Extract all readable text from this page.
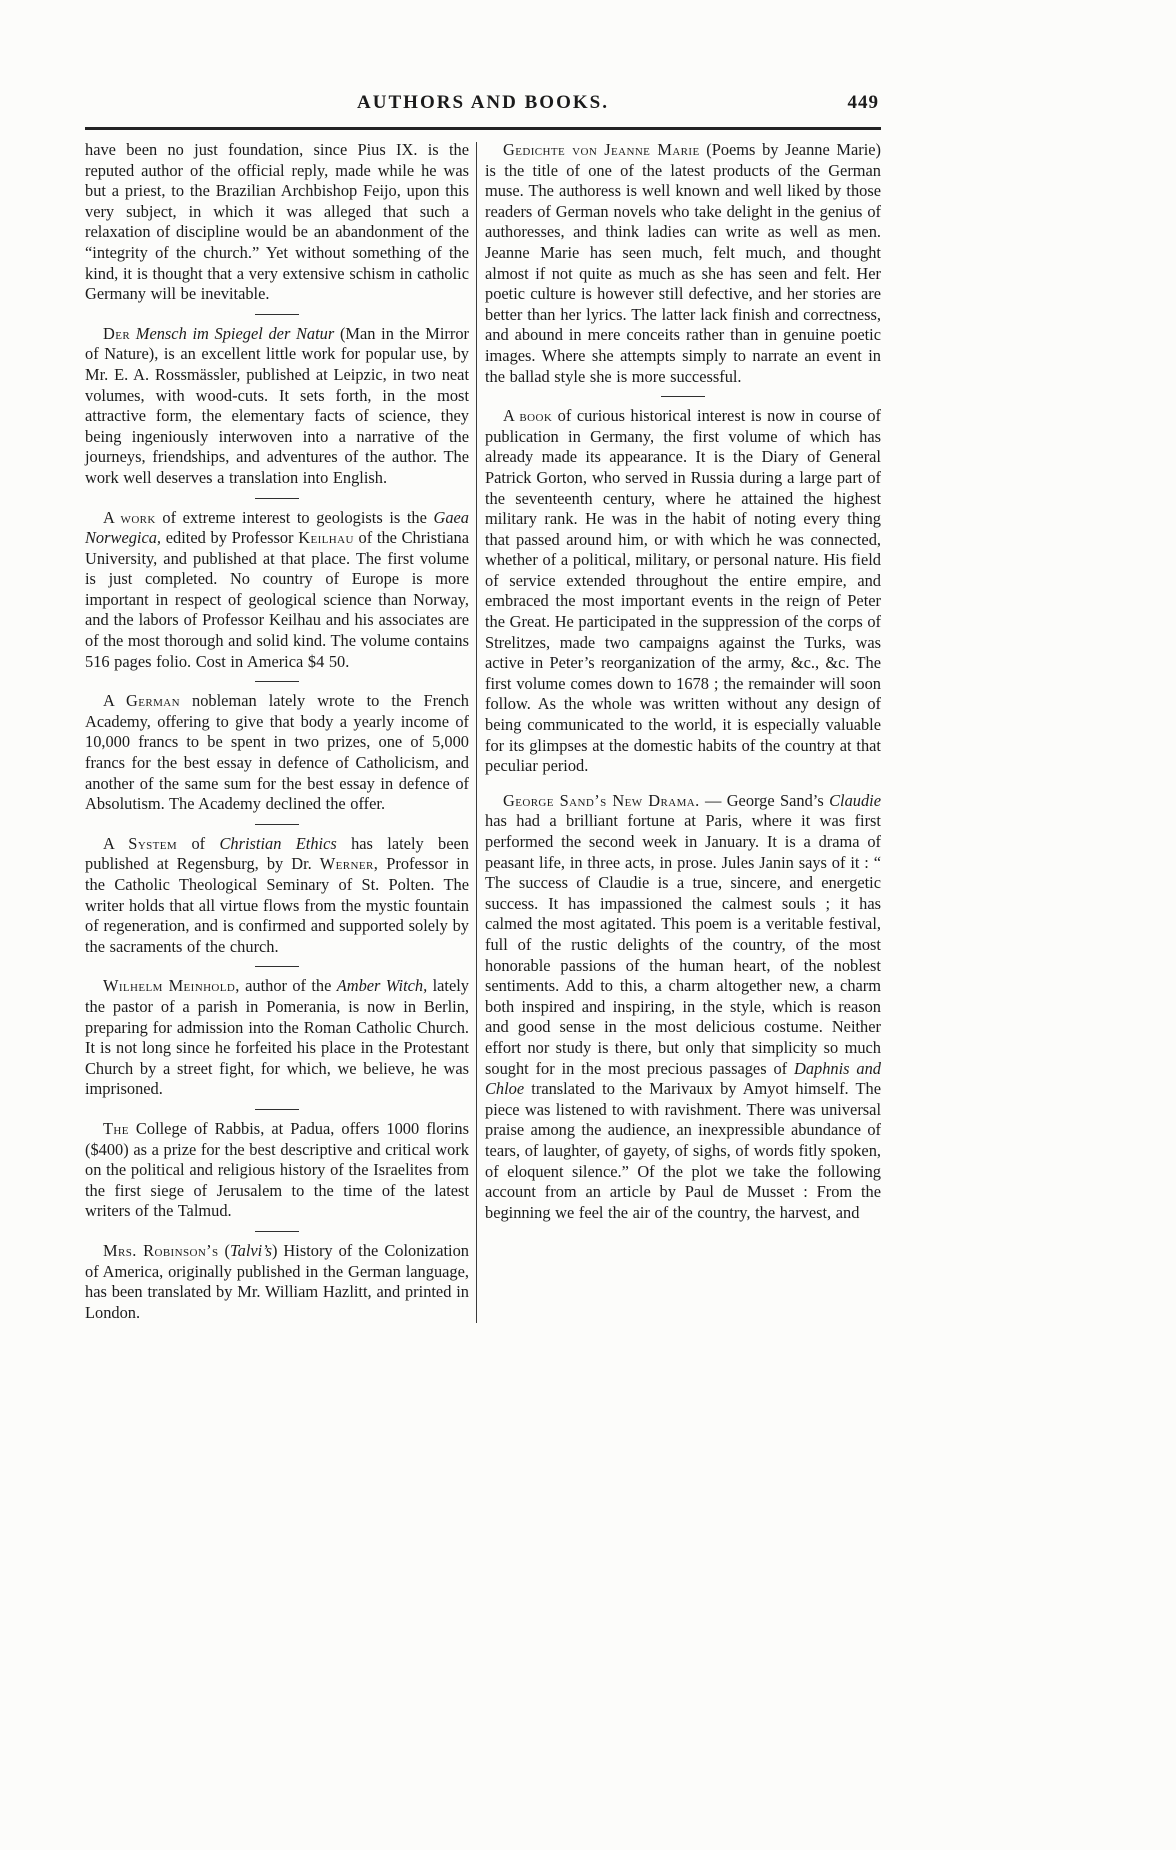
AUTHORS AND BOOKS.	449

have been no just foundation, since Pius IX. is the reputed author of the official reply, made while he was but a priest, to the Brazilian Archbishop Feijo, upon this very subject, in which it was alleged that such a relaxation of discipline would be an abandonment of the “integrity of the church.” Yet without something of the kind, it is thought that a very extensive schism in catholic Germany will be inevitable.

Der Mensch im Spiegel der Natur (Man in the Mirror of Nature), is an excellent little work for popular use, by Mr. E. A. Rossmässler, published at Leipzic, in two neat volumes, with wood-cuts. It sets forth, in the most attractive form, the elementary facts of science, they being ingeniously interwoven into a narrative of the journeys, friendships, and adventures of the author. The work well deserves a translation into English.

A work of extreme interest to geologists is the Gaea Norwegica, edited by Professor Keilhau of the Christiana University, and published at that place. The first volume is just completed. No country of Europe is more important in respect of geological science than Norway, and the labors of Professor Keilhau and his associates are of the most thorough and solid kind. The volume contains 516 pages folio. Cost in America $4 50.

A German nobleman lately wrote to the French Academy, offering to give that body a yearly income of 10,000 francs to be spent in two prizes, one of 5,000 francs for the best essay in defence of Catholicism, and another of the same sum for the best essay in defence of Absolutism. The Academy declined the offer.

A System of Christian Ethics has lately been published at Regensburg, by Dr. Werner, Professor in the Catholic Theological Seminary of St. Polten. The writer holds that all virtue flows from the mystic fountain of regeneration, and is confirmed and supported solely by the sacraments of the church.

Wilhelm Meinhold, author of the Amber Witch, lately the pastor of a parish in Pomerania, is now in Berlin, preparing for admission into the Roman Catholic Church. It is not long since he forfeited his place in the Protestant Church by a street fight, for which, we believe, he was imprisoned.

The College of Rabbis, at Padua, offers 1000 florins ($400) as a prize for the best descriptive and critical work on the political and religious history of the Israelites from the first siege of Jerusalem to the time of the latest writers of the Talmud.

Mrs. Robinson’s (Talvi’s) History of the Colonization of America, originally published in the German language, has been translated by Mr. William Hazlitt, and printed in London.

Gedichte von Jeanne Marie (Poems by Jeanne Marie) is the title of one of the latest products of the German muse. The authoress is well known and well liked by those readers of German novels who take delight in the genius of authoresses, and think ladies can write as well as men. Jeanne Marie has seen much, felt much, and thought almost if not quite as much as she has seen and felt. Her poetic culture is however still defective, and her stories are better than her lyrics. The latter lack finish and correctness, and abound in mere conceits rather than in genuine poetic images. Where she attempts simply to narrate an event in the ballad style she is more successful.

A book of curious historical interest is now in course of publication in Germany, the first volume of which has already made its appearance. It is the Diary of General Patrick Gorton, who served in Russia during a large part of the seventeenth century, where he attained the highest military rank. He was in the habit of noting every thing that passed around him, or with which he was connected, whether of a political, military, or personal nature. His field of service extended throughout the entire empire, and embraced the most important events in the reign of Peter the Great. He participated in the suppression of the corps of Strelitzes, made two campaigns against the Turks, was active in Peter’s reorganization of the army, &c., &c. The first volume comes down to 1678 ; the remainder will soon follow. As the whole was written without any design of being communicated to the world, it is especially valuable for its glimpses at the domestic habits of the country at that peculiar period.

George Sand’s New Drama. — George Sand’s Claudie has had a brilliant fortune at Paris, where it was first performed the second week in January. It is a drama of peasant life, in three acts, in prose. Jules Janin says of it : “ The success of Claudie is a true, sincere, and energetic success. It has impassioned the calmest souls ; it has calmed the most agitated. This poem is a veritable festival, full of the rustic delights of the country, of the most honorable passions of the human heart, of the noblest sentiments. Add to this, a charm altogether new, a charm both inspired and inspiring, in the style, which is reason and good sense in the most delicious costume. Neither effort nor study is there, but only that simplicity so much sought for in the most precious passages of Daphnis and Chloe translated to the Marivaux by Amyot himself. The piece was listened to with ravishment. There was universal praise among the audience, an inexpressible abundance of tears, of laughter, of gayety, of sighs, of words fitly spoken, of eloquent silence.” Of the plot we take the following account from an article by Paul de Musset : From the beginning we feel the air of the country, the harvest, and
